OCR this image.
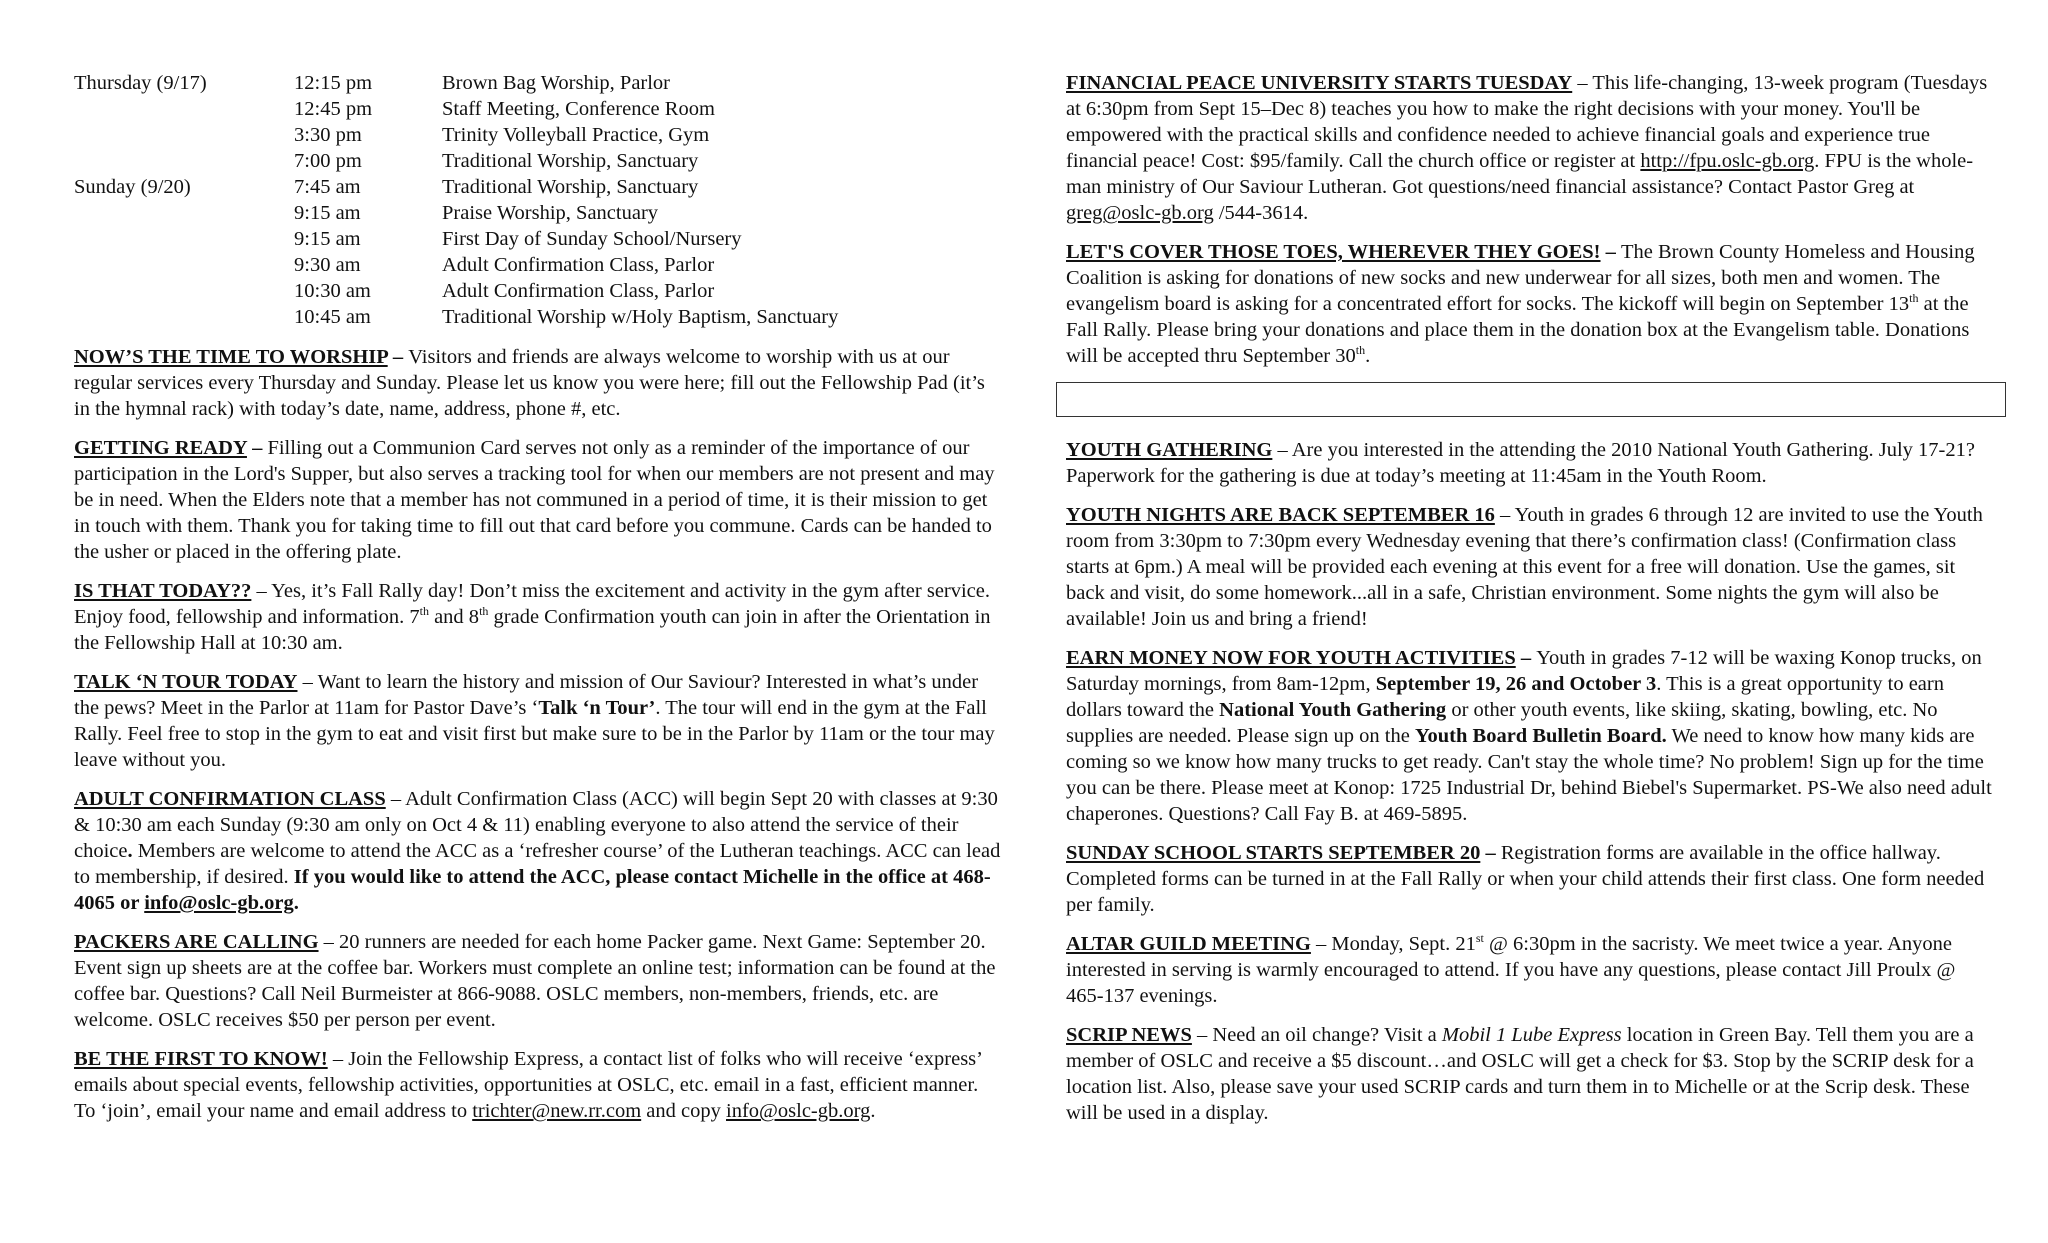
Thursday (9/17)	12:15 pm	Brown Bag Worship, Parlor
12:45 pm	Staff Meeting, Conference Room
3:30 pm	Trinity Volleyball Practice, Gym
7:00 pm	Traditional Worship, Sanctuary
Sunday (9/20)	7:45 am	Traditional Worship, Sanctuary
9:15 am	Praise Worship, Sanctuary
9:15 am	First Day of Sunday School/Nursery
9:30 am	Adult Confirmation Class, Parlor
10:30 am	Adult Confirmation Class, Parlor
10:45 am	Traditional Worship w/Holy Baptism, Sanctuary

NOW’S THE TIME TO WORSHIP – Visitors and friends are always welcome to worship with us at our regular services every Thursday and Sunday. Please let us know you were here; fill out the Fellowship Pad (it’s in the hymnal rack) with today’s date, name, address, phone #, etc.

GETTING READY – Filling out a Communion Card serves not only as a reminder of the importance of our participation in the Lord's Supper, but also serves a tracking tool for when our members are not present and may be in need. When the Elders note that a member has not communed in a period of time, it is their mission to get in touch with them. Thank you for taking time to fill out that card before you commune. Cards can be handed to the usher or placed in the offering plate.

IS THAT TODAY?? – Yes, it’s Fall Rally day! Don’t miss the excitement and activity in the gym after service. Enjoy food, fellowship and information. 7th and 8th grade Confirmation youth can join in after the Orientation in the Fellowship Hall at 10:30 am.

TALK ‘N TOUR TODAY – Want to learn the history and mission of Our Saviour? Interested in what’s under the pews? Meet in the Parlor at 11am for Pastor Dave’s ‘Talk ‘n Tour’. The tour will end in the gym at the Fall Rally. Feel free to stop in the gym to eat and visit first but make sure to be in the Parlor by 11am or the tour may leave without you.

ADULT CONFIRMATION CLASS – Adult Confirmation Class (ACC) will begin Sept 20 with classes at 9:30 & 10:30 am each Sunday (9:30 am only on Oct 4 & 11) enabling everyone to also attend the service of their choice. Members are welcome to attend the ACC as a ‘refresher course’ of the Lutheran teachings. ACC can lead to membership, if desired. If you would like to attend the ACC, please contact Michelle in the office at 468-4065 or info@oslc-gb.org.

PACKERS ARE CALLING – 20 runners are needed for each home Packer game. Next Game: September 20. Event sign up sheets are at the coffee bar. Workers must complete an online test; information can be found at the coffee bar. Questions? Call Neil Burmeister at 866-9088. OSLC members, non-members, friends, etc. are welcome. OSLC receives $50 per person per event.

BE THE FIRST TO KNOW! – Join the Fellowship Express, a contact list of folks who will receive ‘express’ emails about special events, fellowship activities, opportunities at OSLC, etc. email in a fast, efficient manner. To ‘join’, email your name and email address to trichter@new.rr.com and copy info@oslc-gb.org.

FINANCIAL PEACE UNIVERSITY STARTS TUESDAY – This life-changing, 13-week program (Tuesdays at 6:30pm from Sept 15–Dec 8) teaches you how to make the right decisions with your money. You'll be empowered with the practical skills and confidence needed to achieve financial goals and experience true financial peace! Cost: $95/family. Call the church office or register at http://fpu.oslc-gb.org. FPU is the whole-man ministry of Our Saviour Lutheran. Got questions/need financial assistance? Contact Pastor Greg at greg@oslc-gb.org /544-3614.

LET'S COVER THOSE TOES, WHEREVER THEY GOES! – The Brown County Homeless and Housing Coalition is asking for donations of new socks and new underwear for all sizes, both men and women. The evangelism board is asking for a concentrated effort for socks. The kickoff will begin on September 13th at the Fall Rally. Please bring your donations and place them in the donation box at the Evangelism table. Donations will be accepted thru September 30th.

YOUTH GATHERING – Are you interested in the attending the 2010 National Youth Gathering. July 17-21? Paperwork for the gathering is due at today’s meeting at 11:45am in the Youth Room.

YOUTH NIGHTS ARE BACK SEPTEMBER 16 – Youth in grades 6 through 12 are invited to use the Youth room from 3:30pm to 7:30pm every Wednesday evening that there’s confirmation class! (Confirmation class starts at 6pm.) A meal will be provided each evening at this event for a free will donation. Use the games, sit back and visit, do some homework...all in a safe, Christian environment. Some nights the gym will also be available! Join us and bring a friend!

EARN MONEY NOW FOR YOUTH ACTIVITIES – Youth in grades 7-12 will be waxing Konop trucks, on Saturday mornings, from 8am-12pm, September 19, 26 and October 3. This is a great opportunity to earn dollars toward the National Youth Gathering or other youth events, like skiing, skating, bowling, etc. No supplies are needed. Please sign up on the Youth Board Bulletin Board. We need to know how many kids are coming so we know how many trucks to get ready. Can't stay the whole time? No problem! Sign up for the time you can be there. Please meet at Konop: 1725 Industrial Dr, behind Biebel's Supermarket. PS-We also need adult chaperones. Questions? Call Fay B. at 469-5895.

SUNDAY SCHOOL STARTS SEPTEMBER 20 – Registration forms are available in the office hallway. Completed forms can be turned in at the Fall Rally or when your child attends their first class. One form needed per family.

ALTAR GUILD MEETING – Monday, Sept. 21st @ 6:30pm in the sacristy. We meet twice a year. Anyone interested in serving is warmly encouraged to attend. If you have any questions, please contact Jill Proulx @ 465-137 evenings.

SCRIP NEWS – Need an oil change? Visit a Mobil 1 Lube Express location in Green Bay. Tell them you are a member of OSLC and receive a $5 discount…and OSLC will get a check for $3. Stop by the SCRIP desk for a location list. Also, please save your used SCRIP cards and turn them in to Michelle or at the Scrip desk. These will be used in a display.
